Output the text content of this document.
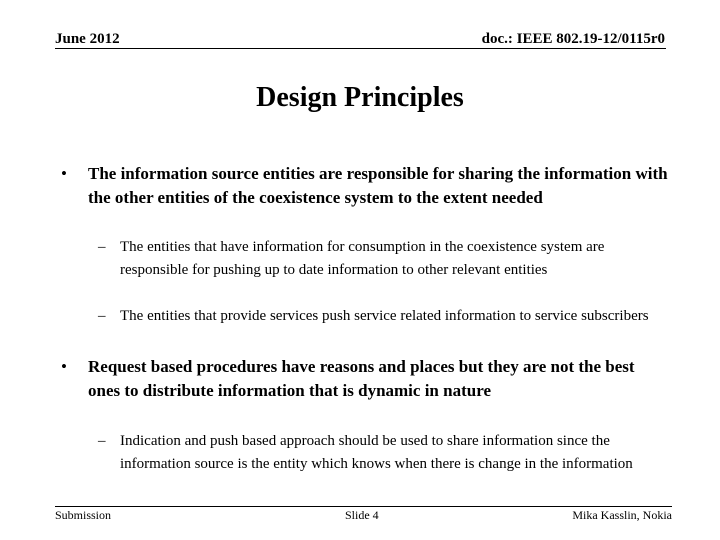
June 2012	doc.: IEEE 802.19-12/0115r0
Design Principles
• The information source entities are responsible for sharing the information with the other entities of the coexistence system to the extent needed
– The entities that have information for consumption in the coexistence system are responsible for pushing up to date information to other relevant entities
– The entities that provide services push service related information to service subscribers
• Request based procedures have reasons and places but they are not the best ones to distribute information that is dynamic in nature
– Indication and push based approach should be used to share information since the information source is the entity which knows when there is change in the information
Submission	Slide 4	Mika Kasslin, Nokia
